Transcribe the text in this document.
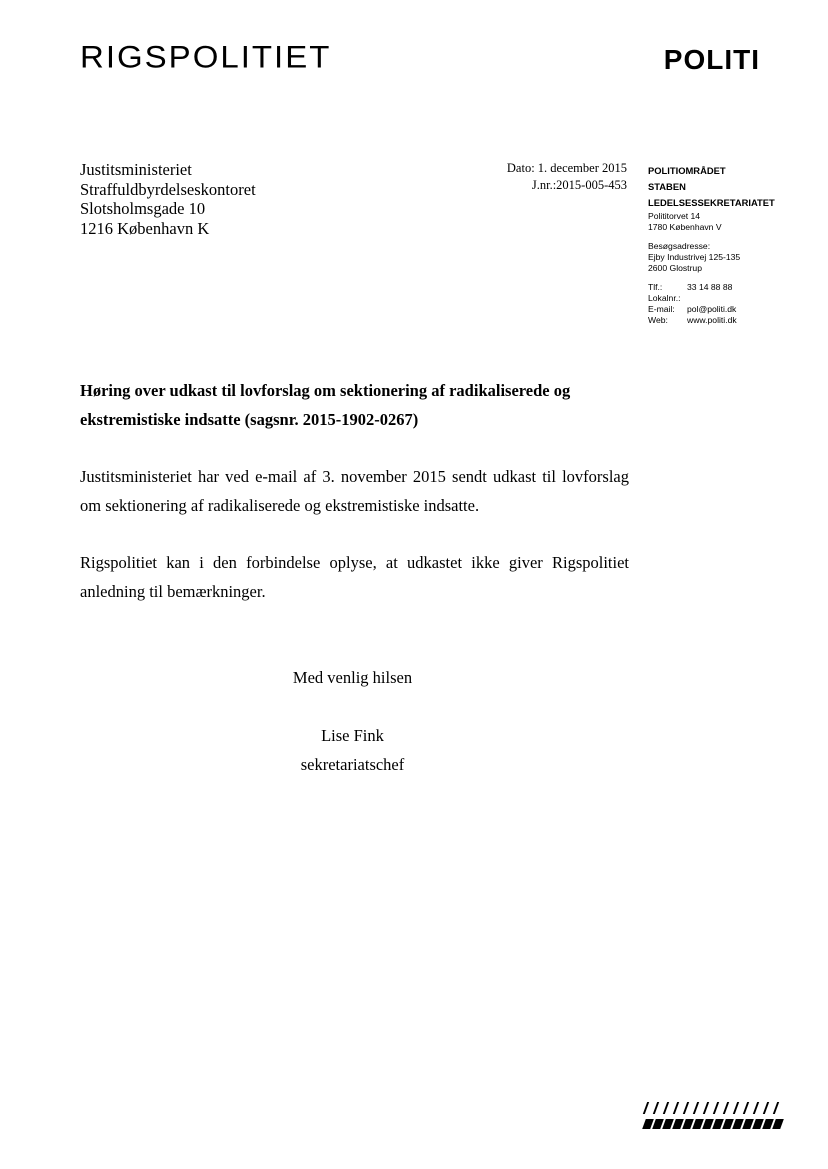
RIGSPOLITIET	POLITI
Justitsministeriet
Straffuldbyrdelseskontoret
Slotsholmsgade 10
1216 København K
Dato: 1. december 2015
J.nr.:2015-005-453
POLITIOMRÅDET
STABEN
LEDELSESSEKRETARIATET
Polititorvet 14
1780 København V
Besøgsadresse:
Ejby Industrivej 125-135
2600 Glostrup
Tlf.:	33 14 88 88
Lokalnr.:
E-mail:	pol@politi.dk
Web:	www.politi.dk
Høring over udkast til lovforslag om sektionering af radikaliserede og ekstremistiske indsatte (sagsnr. 2015-1902-0267)
Justitsministeriet har ved e-mail af 3. november 2015 sendt udkast til lovforslag om sektionering af radikaliserede og ekstremistiske indsatte.
Rigspolitiet kan i den forbindelse oplyse, at udkastet ikke giver Rigspolitiet anledning til bemærkninger.
Med venlig hilsen
Lise Fink
sekretariatschef
